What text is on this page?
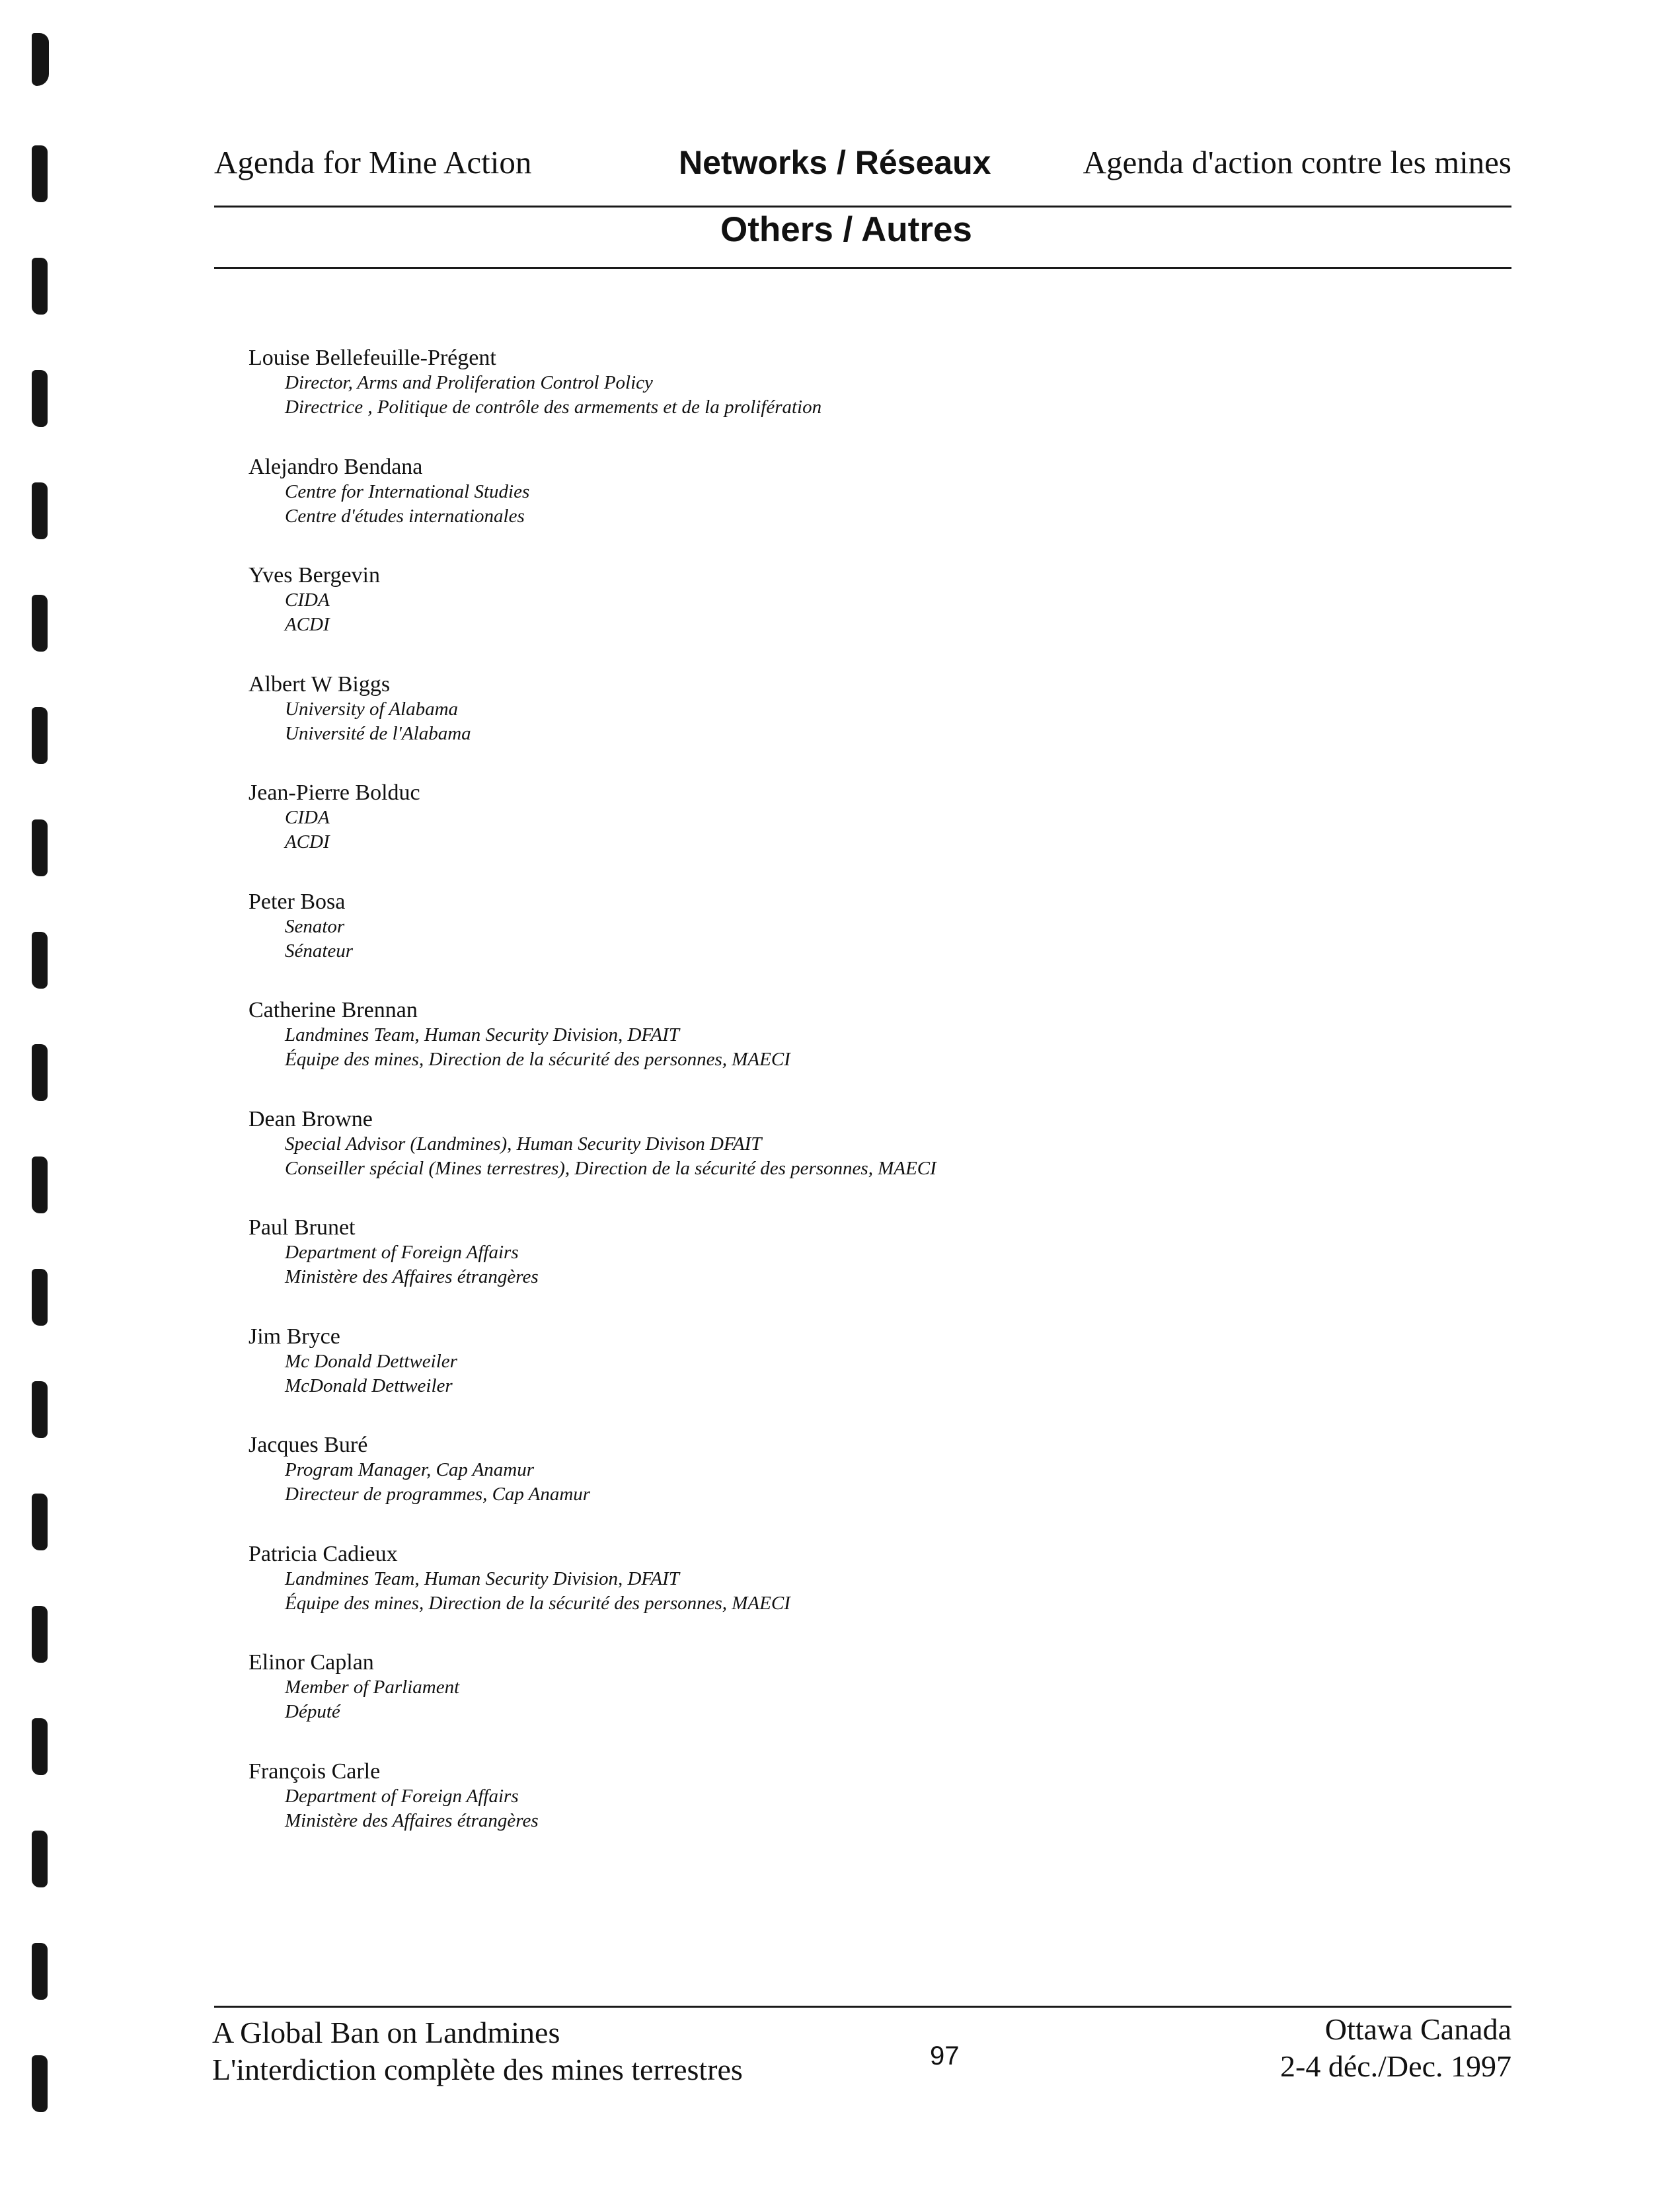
Agenda for Mine Action	Networks / Réseaux	Agenda d'action contre les mines
Others / Autres
Louise Bellefeuille-Prégent
Director, Arms and Proliferation Control Policy
Directrice , Politique de contrôle des armements et de la prolifération
Alejandro Bendana
Centre for International Studies
Centre d'études internationales
Yves Bergevin
CIDA
ACDI
Albert W Biggs
University of Alabama
Université de l'Alabama
Jean-Pierre Bolduc
CIDA
ACDI
Peter Bosa
Senator
Sénateur
Catherine Brennan
Landmines Team, Human Security Division, DFAIT
Équipe des mines, Direction de la sécurité des personnes, MAECI
Dean Browne
Special Advisor (Landmines), Human Security Divison DFAIT
Conseiller spécial (Mines terrestres), Direction de la sécurité des personnes, MAECI
Paul Brunet
Department of Foreign Affairs
Ministère des Affaires étrangères
Jim Bryce
Mc Donald Dettweiler
McDonald Dettweiler
Jacques Buré
Program Manager, Cap Anamur
Directeur de programmes, Cap Anamur
Patricia Cadieux
Landmines Team, Human Security Division, DFAIT
Équipe des mines, Direction de la sécurité des personnes, MAECI
Elinor Caplan
Member of Parliament
Député
François Carle
Department of Foreign Affairs
Ministère des Affaires étrangères
A Global Ban on Landmines
L'interdiction complète des mines terrestres	97
Ottawa Canada
2-4 déc./Dec. 1997
